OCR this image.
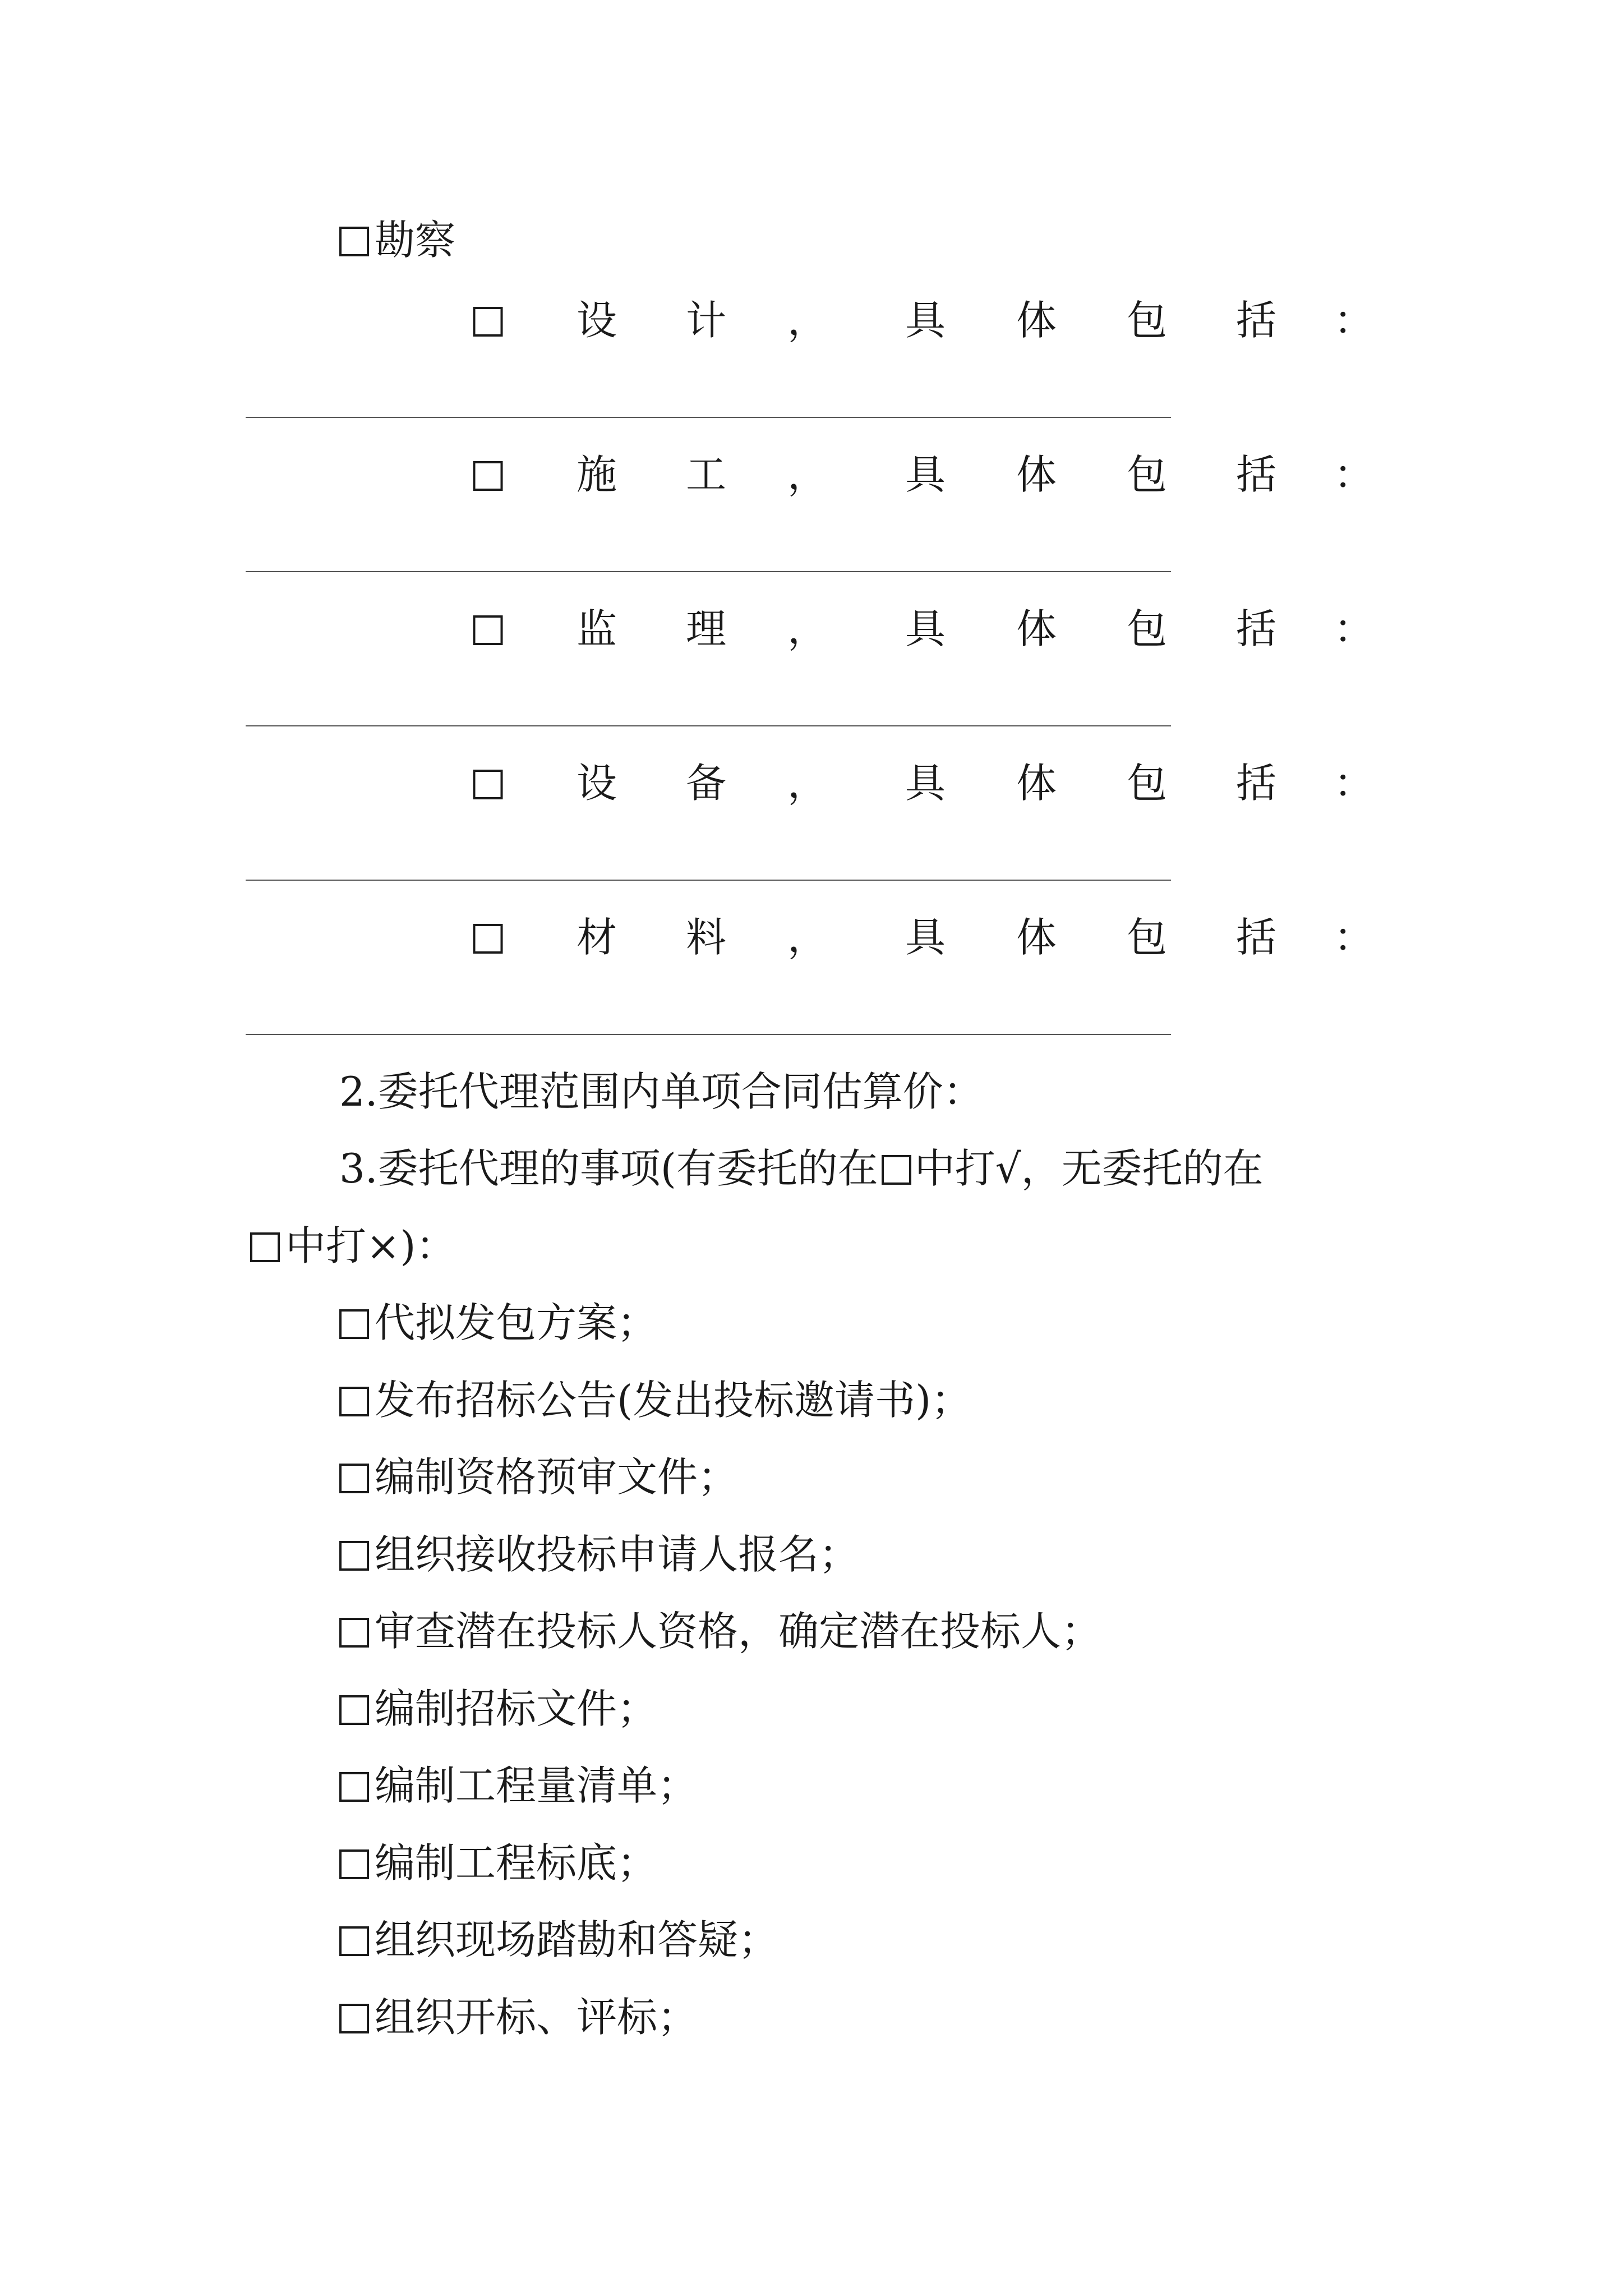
勘察
设 计 ， 具 体 包 括 ：
施 工 ， 具 体 包 括 ：
监 理 ， 具 体 包 括 ：
设 备 ， 具 体 包 括 ：
材 料 ， 具 体 包 括 ：
2.委托代理范围内单项合同估算价：
3.委托代理的事项(有委托的在 中打√，无委托的在
中打×)：
代拟发包方案；
发布招标公告(发出投标邀请书)；
编制资格预审文件；
组织接收投标申请人报名；
审查潜在投标人资格，确定潜在投标人；
编制招标文件；
编制工程量清单；
编制工程标底；
组织现场踏勘和答疑；
组织开标、评标；
